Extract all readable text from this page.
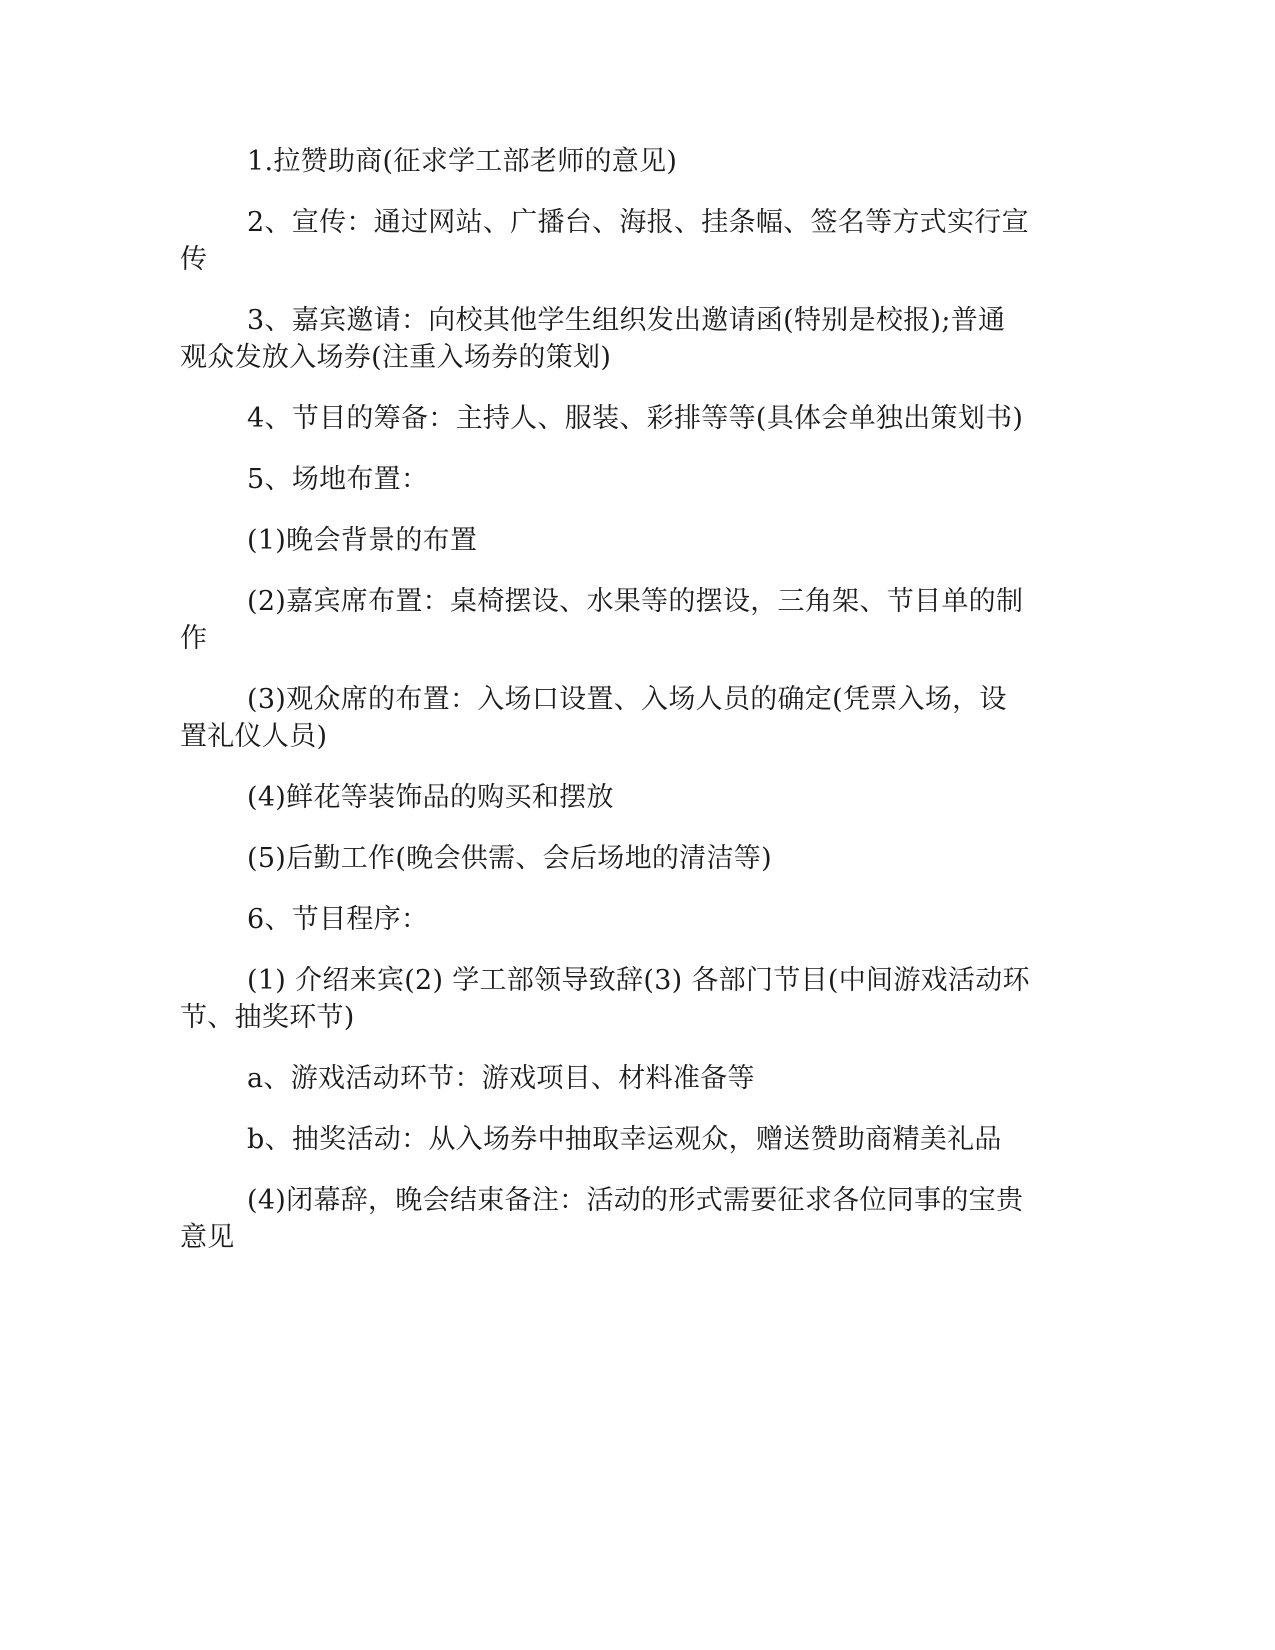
1.拉赞助商(征求学工部老师的意见)

2、宣传：通过网站、广播台、海报、挂条幅、签名等方式实行宣传

3、嘉宾邀请：向校其他学生组织发出邀请函(特别是校报);普通观众发放入场券(注重入场券的策划)

4、节目的筹备：主持人、服装、彩排等等(具体会单独出策划书)

5、场地布置：

(1)晚会背景的布置

(2)嘉宾席布置：桌椅摆设、水果等的摆设，三角架、节目单的制作

(3)观众席的布置：入场口设置、入场人员的确定(凭票入场，设置礼仪人员)

(4)鲜花等装饰品的购买和摆放

(5)后勤工作(晚会供需、会后场地的清洁等)

6、节目程序：

(1) 介绍来宾(2) 学工部领导致辞(3) 各部门节目(中间游戏活动环节、抽奖环节)

a、游戏活动环节：游戏项目、材料准备等

b、抽奖活动：从入场券中抽取幸运观众，赠送赞助商精美礼品

(4)闭幕辞，晚会结束备注：活动的形式需要征求各位同事的宝贵意见
